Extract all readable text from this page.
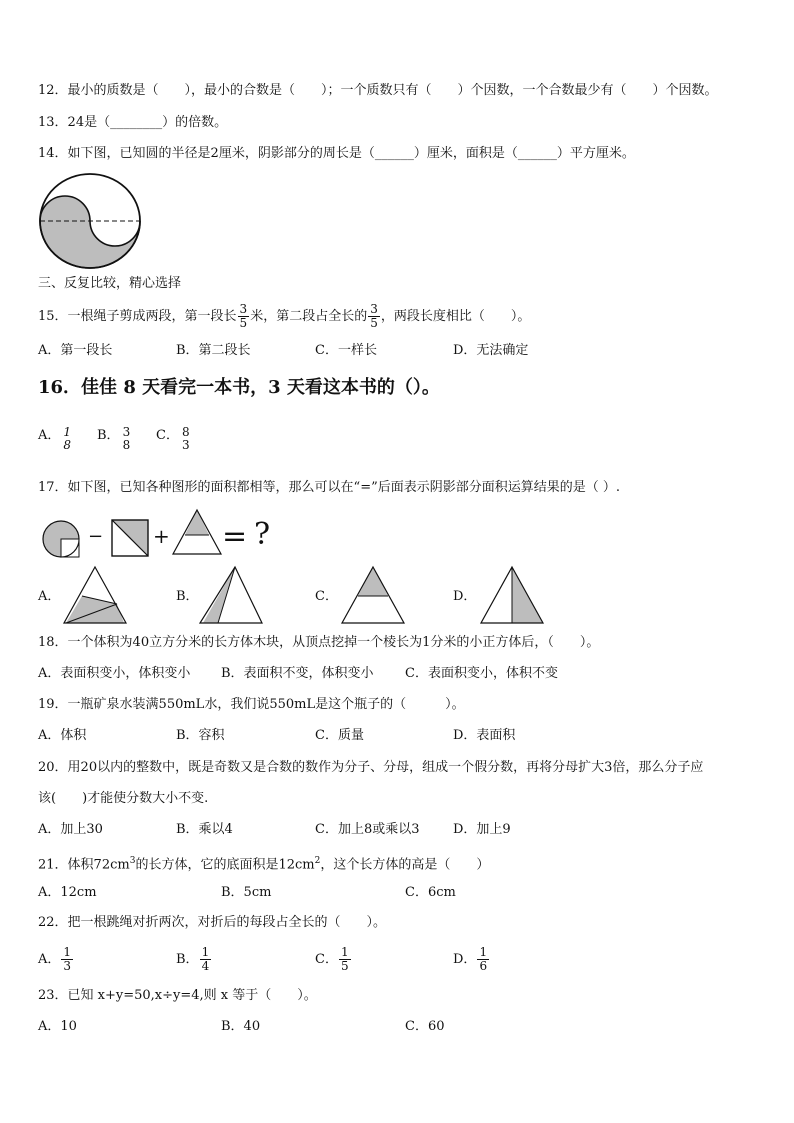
12．最小的质数是（　　），最小的合数是（　　）；一个质数只有（　　）个因数，一个合数最少有（　　）个因数。
13．24是（________）的倍数。
14．如下图，已知圆的半径是2厘米，阴影部分的周长是（______）厘米，面积是（______）平方厘米。
三、反复比较，精心选择
15．一根绳子剪成两段，第一段长 $\frac{3}{5}$ 米，第二段占全长的 $\frac{3}{5}$ ，两段长度相比（　　）。
A．第一段长	B．第二段长	C．一样长	D．无法确定
16．佳佳 8 天看完一本书，3 天看这本书的（）。
A． 1
8
B． 3
8
C． 8
3
17．如下图，已知各种图形的面积都相等，那么可以在“=”后面表示阴影部分面积运算结果的是（ ）.
− + = ?
A．	B．	C．	D．
18．一个体积为40立方分米的长方体木块，从顶点挖掉一个棱长为1分米的小正方体后，（　　）。
A．表面积变小，体积变小 B．表面积不变，体积变小 C．表面积变小，体积不变
19．一瓶矿泉水装满550mL水，我们说550mL是这个瓶子的（　　　）。
A．体积	B．容积	C．质量	D．表面积
20．用20以内的整数中，既是奇数又是合数的数作为分子、分母，组成一个假分数，再将分母扩大3倍，那么分子应
该(　　)才能使分数大小不变.
A．加上30	B．乘以4	C．加上8或乘以3	D．加上9
21．体积$72cm^3$的长方体，它的底面积是$12cm^2$，这个长方体的高是（　　）
A．12cm	B．5cm	C．6cm
22．把一根跳绳对折两次，对折后的每段占全长的（　　）。
A． $\frac{1}{3}$	B． $\frac{1}{4}$	C． $\frac{1}{5}$	D． $\frac{1}{6}$
23．已知 x+y=50,x÷y=4,则 x 等于（　　）。
A．10	B．40	C．60
